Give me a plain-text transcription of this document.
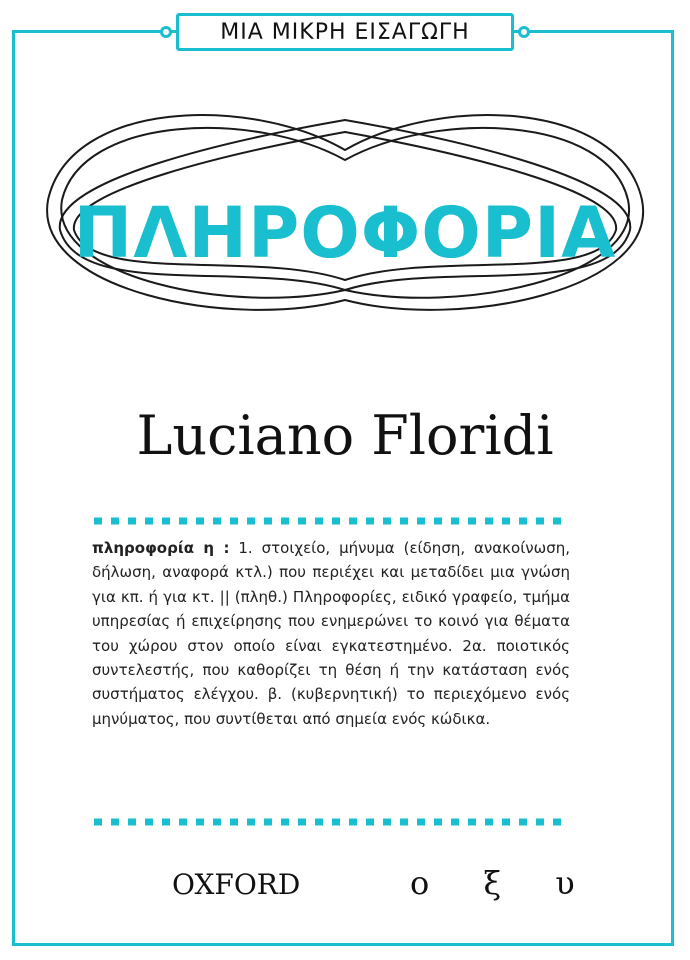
ΜΙΑ ΜΙΚΡΗ ΕΙΣΑΓΩΓΗ
ΠΛΗΡΟΦΟΡΙΑ
Luciano Floridi
πληροφορία η : 1. στοιχείο, μήνυμα (είδηση, ανακοίνωση, δήλωση, αναφορά κτλ.) που περιέχει και μεταδίδει μια γνώση για κπ. ή για κτ. || (πληθ.) Πληροφορίες, ειδικό γραφείο, τμήμα υπηρεσίας ή επιχείρησης που ενημερώνει το κοινό για θέματα του χώρου στον οποίο είναι εγκατεστημένο. 2α. ποιοτικός συντελεστής, που καθορίζει τη θέση ή την κατάσταση ενός συστήματος ελέγχου. β. (κυβερνητική) το περιεχόμενο ενός μηνύματος, που συντίθεται από σημεία ενός κώδικα.
OXFORD	ο ξ υ
